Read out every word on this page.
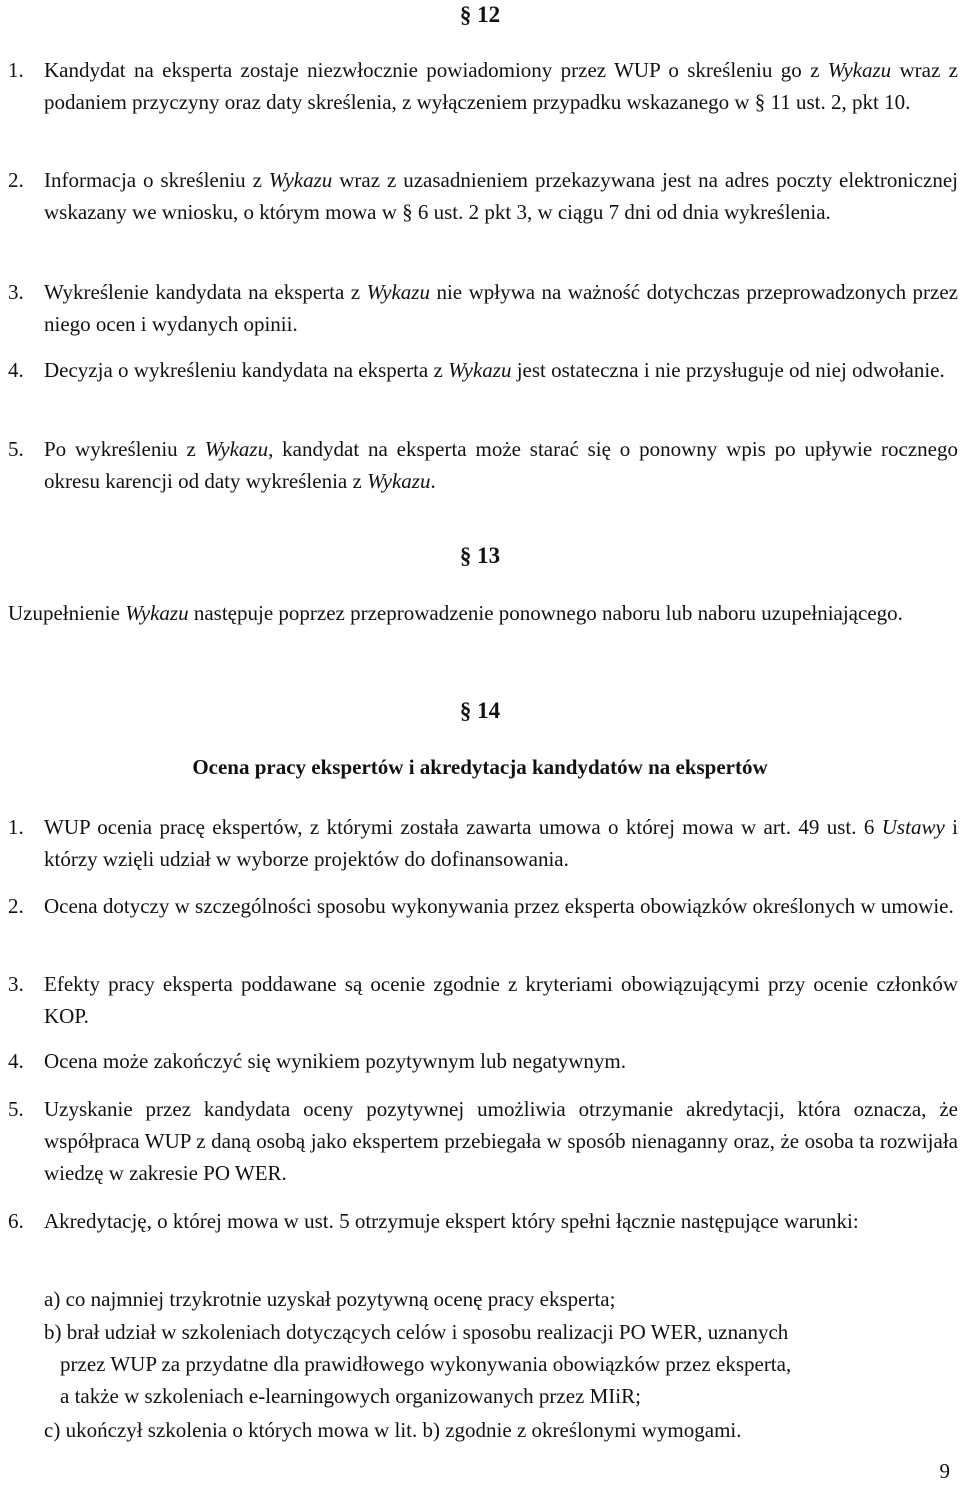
§ 12
1. Kandydat na eksperta zostaje niezwłocznie powiadomiony przez WUP o skreśleniu go z Wykazu wraz z podaniem przyczyny oraz daty skreślenia, z wyłączeniem przypadku wskazanego w § 11 ust. 2, pkt 10.
2. Informacja o skreśleniu z Wykazu wraz z uzasadnieniem przekazywana jest na adres poczty elektronicznej wskazany we wniosku, o którym mowa w § 6 ust. 2 pkt 3, w ciągu 7 dni od dnia wykreślenia.
3. Wykreślenie kandydata na eksperta z Wykazu nie wpływa na ważność dotychczas przeprowadzonych przez niego ocen i wydanych opinii.
4. Decyzja o wykreśleniu kandydata na eksperta z Wykazu jest ostateczna i nie przysługuje od niej odwołanie.
5. Po wykreśleniu z Wykazu, kandydat na eksperta może starać się o ponowny wpis po upływie rocznego okresu karencji od daty wykreślenia z Wykazu.
§ 13
Uzupełnienie Wykazu następuje poprzez przeprowadzenie ponownego naboru lub naboru uzupełniającego.
§ 14
Ocena pracy ekspertów i akredytacja kandydatów na ekspertów
1. WUP ocenia pracę ekspertów, z którymi została zawarta umowa o której mowa w art. 49 ust. 6 Ustawy i którzy wzięli udział w wyborze projektów do dofinansowania.
2. Ocena dotyczy w szczególności sposobu wykonywania przez eksperta obowiązków określonych w umowie.
3. Efekty pracy eksperta poddawane są ocenie zgodnie z kryteriami obowiązującymi przy ocenie członków KOP.
4. Ocena może zakończyć się wynikiem pozytywnym lub negatywnym.
5. Uzyskanie przez kandydata oceny pozytywnej umożliwia otrzymanie akredytacji, która oznacza, że współpraca WUP z daną osobą jako ekspertem przebiegała w sposób nienaganny oraz, że osoba ta rozwijała wiedzę w zakresie PO WER.
6. Akredytację, o której mowa w ust. 5 otrzymuje ekspert który spełni łącznie następujące warunki:
a) co najmniej trzykrotnie uzyskał pozytywną ocenę pracy eksperta;
b) brał udział w szkoleniach dotyczących celów i sposobu realizacji PO WER, uznanych
przez WUP za przydatne dla prawidłowego wykonywania obowiązków przez eksperta,
a także w szkoleniach e-learningowych organizowanych przez MIiR;
c) ukończył szkolenia o których mowa w lit. b) zgodnie z określonymi wymogami.
9
